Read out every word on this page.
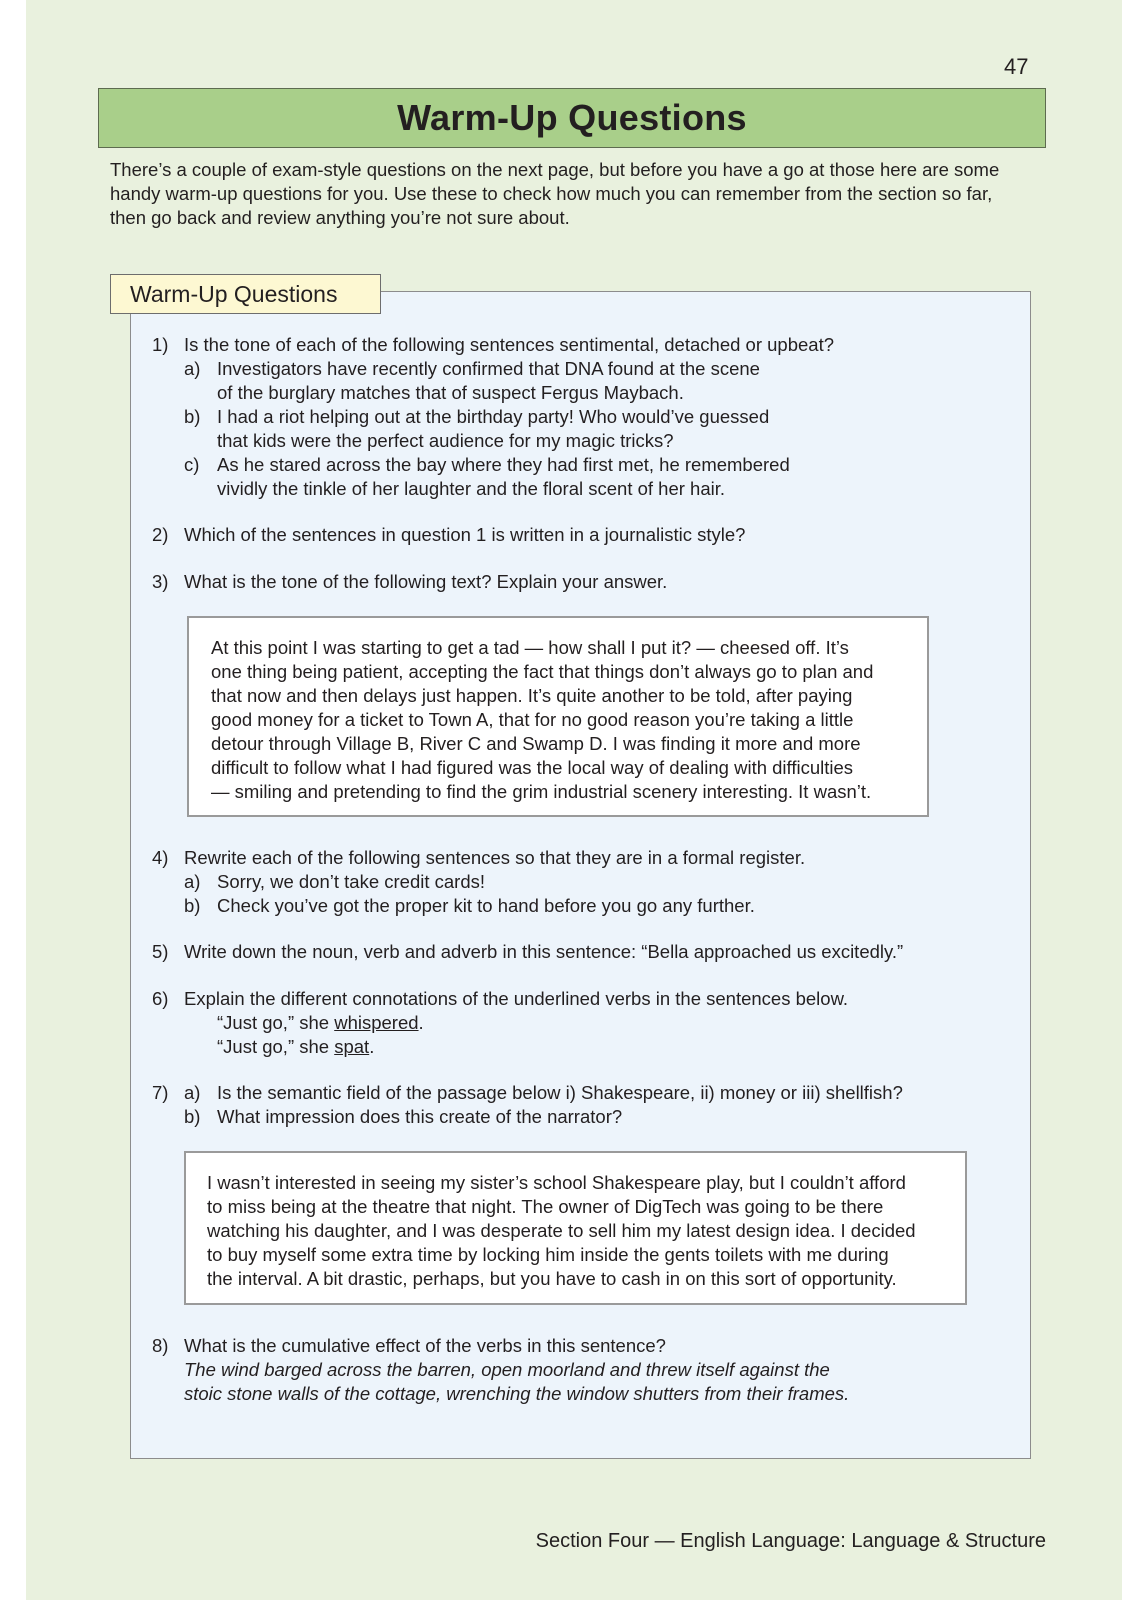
47
Warm-Up Questions

There’s a couple of exam-style questions on the next page, but before you have a go at those here are some handy warm-up questions for you. Use these to check how much you can remember from the section so far, then go back and review anything you’re not sure about.

Warm-Up Questions
1) Is the tone of each of the following sentences sentimental, detached or upbeat?
a) Investigators have recently confirmed that DNA found at the scene
of the burglary matches that of suspect Fergus Maybach.
b) I had a riot helping out at the birthday party! Who would’ve guessed
that kids were the perfect audience for my magic tricks?
c) As he stared across the bay where they had first met, he remembered
vividly the tinkle of her laughter and the floral scent of her hair.
2) Which of the sentences in question 1 is written in a journalistic style?
3) What is the tone of the following text? Explain your answer.

At this point I was starting to get a tad — how shall I put it? — cheesed off. It’s

one thing being patient, accepting the fact that things don’t always go to plan and

that now and then delays just happen. It’s quite another to be told, after paying

good money for a ticket to Town A, that for no good reason you’re taking a little

detour through Village B, River C and Swamp D. I was finding it more and more

difficult to follow what I had figured was the local way of dealing with difficulties

— smiling and pretending to find the grim industrial scenery interesting. It wasn’t.

4) Rewrite each of the following sentences so that they are in a formal register.
a) Sorry, we don’t take credit cards!
b) Check you’ve got the proper kit to hand before you go any further.
5) Write down the noun, verb and adverb in this sentence: “Bella approached us excitedly.”
6) Explain the different connotations of the underlined verbs in the sentences below.
“Just go,” she whispered.
“Just go,” she spat.
7) a) Is the semantic field of the passage below i) Shakespeare, ii) money or iii) shellfish?
b) What impression does this create of the narrator?

I wasn’t interested in seeing my sister’s school Shakespeare play, but I couldn’t afford

to miss being at the theatre that night. The owner of DigTech was going to be there

watching his daughter, and I was desperate to sell him my latest design idea. I decided

to buy myself some extra time by locking him inside the gents toilets with me during

the interval. A bit drastic, perhaps, but you have to cash in on this sort of opportunity.

8) What is the cumulative effect of the verbs in this sentence?
The wind barged across the barren, open moorland and threw itself against the
stoic stone walls of the cottage, wrenching the window shutters from their frames.
Section Four — English Language: Language & Structure
